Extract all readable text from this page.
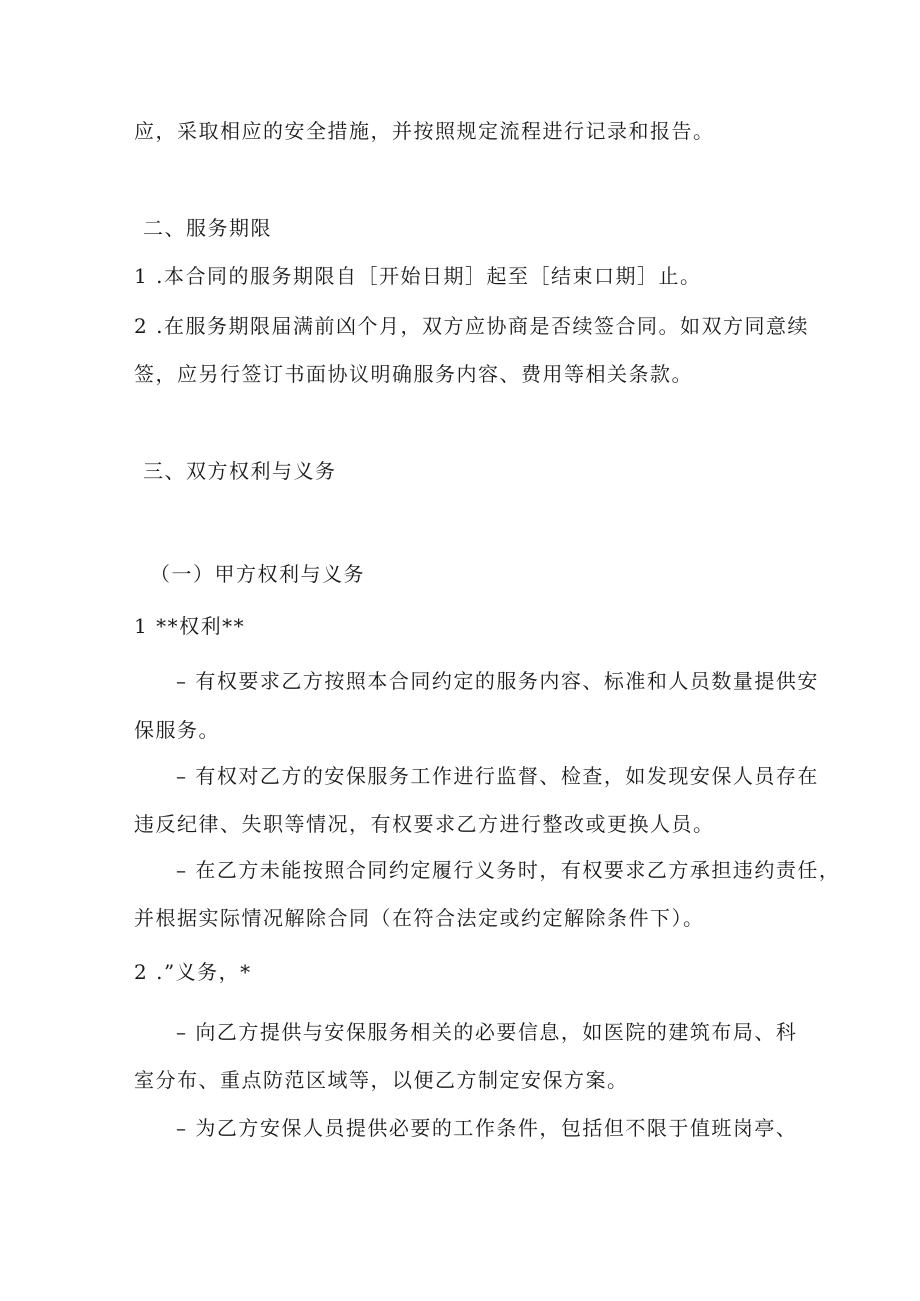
应，采取相应的安全措施，并按照规定流程进行记录和报告。
二、服务期限
1 .本合同的服务期限自［开始日期］起至［结束口期］止。
2 .在服务期限届满前凶个月，双方应协商是否续签合同。如双方同意续
签，应另行签订书面协议明确服务内容、费用等相关条款。
三、双方权利与义务
（一）甲方权利与义务
1 **权利**
– 有权要求乙方按照本合同约定的服务内容、标准和人员数量提供安
保服务。
– 有权对乙方的安保服务工作进行监督、检查，如发现安保人员存在
违反纪律、失职等情况，有权要求乙方进行整改或更换人员。
– 在乙方未能按照合同约定履行义务时，有权要求乙方承担违约责任，
并根据实际情况解除合同（在符合法定或约定解除条件下）。
2 .”义务，*
– 向乙方提供与安保服务相关的必要信息，如医院的建筑布局、科
室分布、重点防范区域等，以便乙方制定安保方案。
– 为乙方安保人员提供必要的工作条件，包括但不限于值班岗亭、
